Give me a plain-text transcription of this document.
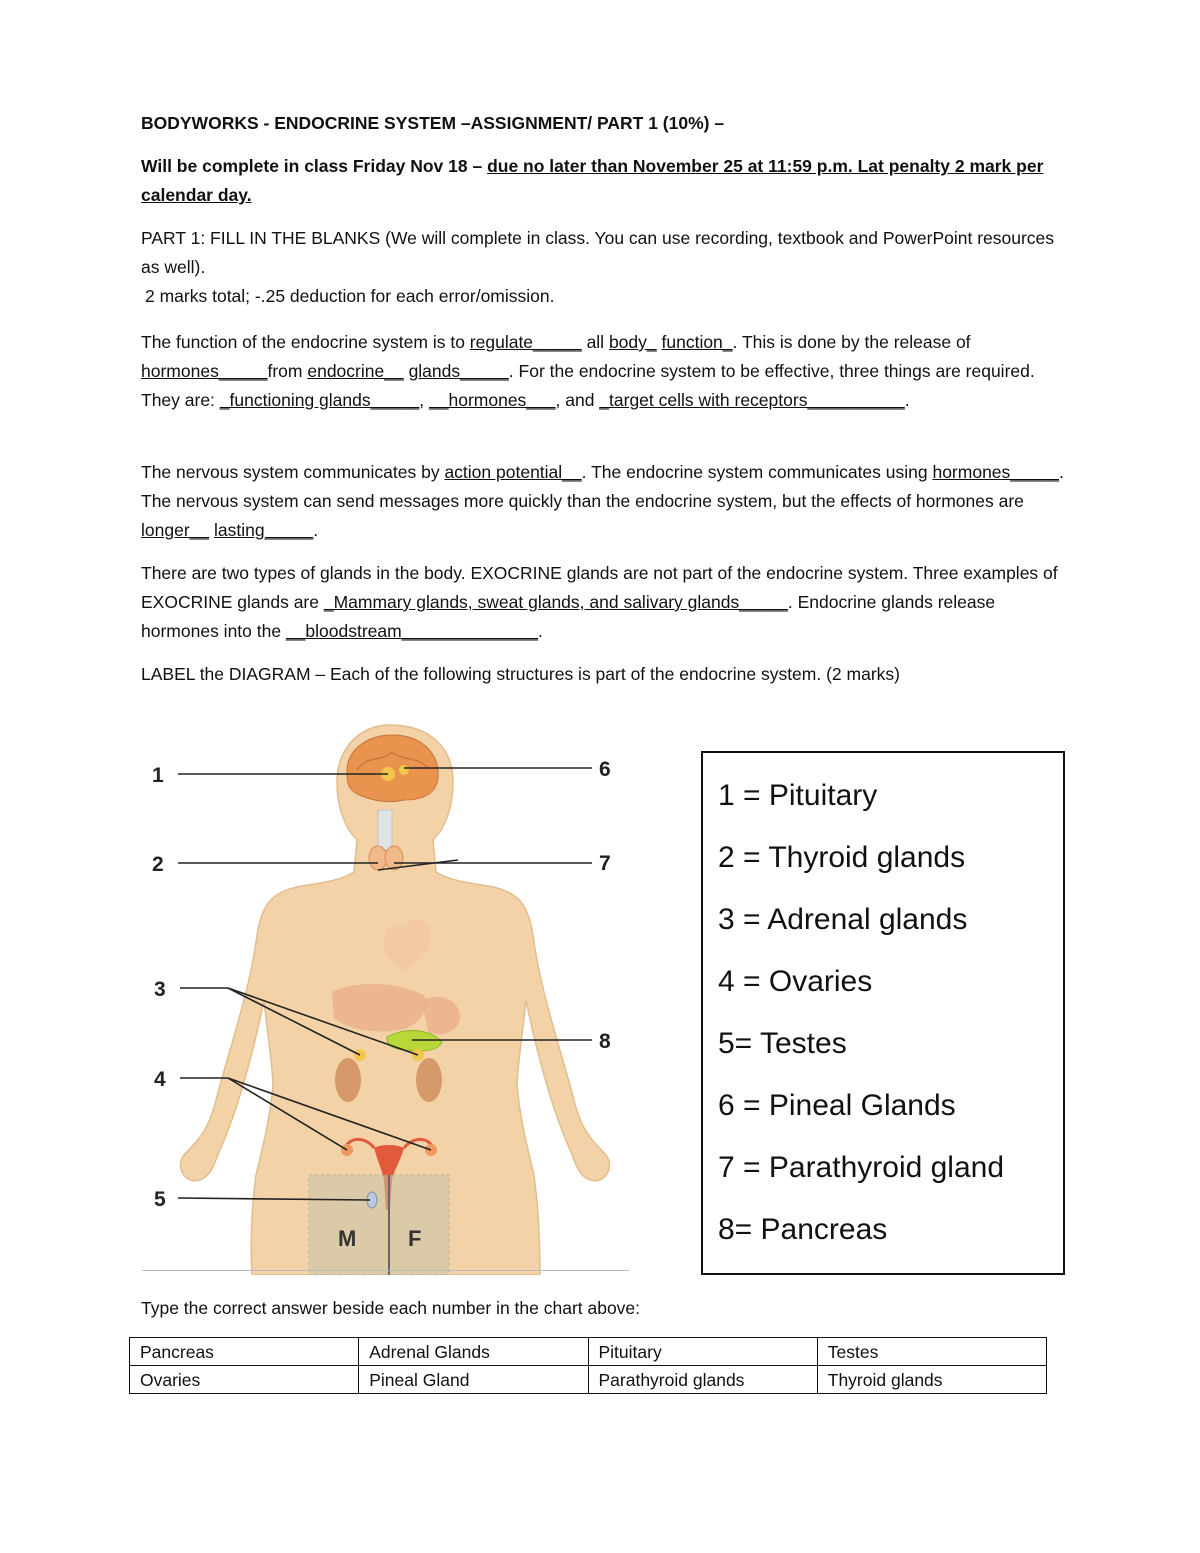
BODYWORKS - ENDOCRINE SYSTEM –ASSIGNMENT/ PART 1 (10%) –
Will be complete in class Friday Nov 18 – due no later than November 25 at 11:59 p.m. Lat penalty 2 mark per calendar day.
PART 1: FILL IN THE BLANKS (We will complete in class. You can use recording, textbook and PowerPoint resources as well).
2 marks total; -.25 deduction for each error/omission.
The function of the endocrine system is to regulate_____ all body_ function_. This is done by the release of hormones_____from endocrine__ glands_____. For the endocrine system to be effective, three things are required. They are: _functioning glands_____, __hormones___, and _target cells with receptors__________.
The nervous system communicates by action potential__. The endocrine system communicates using hormones_____. The nervous system can send messages more quickly than the endocrine system, but the effects of hormones are longer__ lasting_____.
There are two types of glands in the body. EXOCRINE glands are not part of the endocrine system. Three examples of EXOCRINE glands are _Mammary glands, sweat glands, and salivary glands_____. Endocrine glands release hormones into the __bloodstream______________.
LABEL the DIAGRAM – Each of the following structures is part of the endocrine system. (2 marks)
M F
1
2
3
4
5
6
7
8
1 = Pituitary
2 = Thyroid glands
3 = Adrenal glands
4 = Ovaries
5= Testes
6 = Pineal Glands
7 = Parathyroid gland
8= Pancreas
Type the correct answer beside each number in the chart above:
Pancreas	Adrenal Glands	Pituitary	Testes
Ovaries	Pineal Gland	Parathyroid glands	Thyroid glands
